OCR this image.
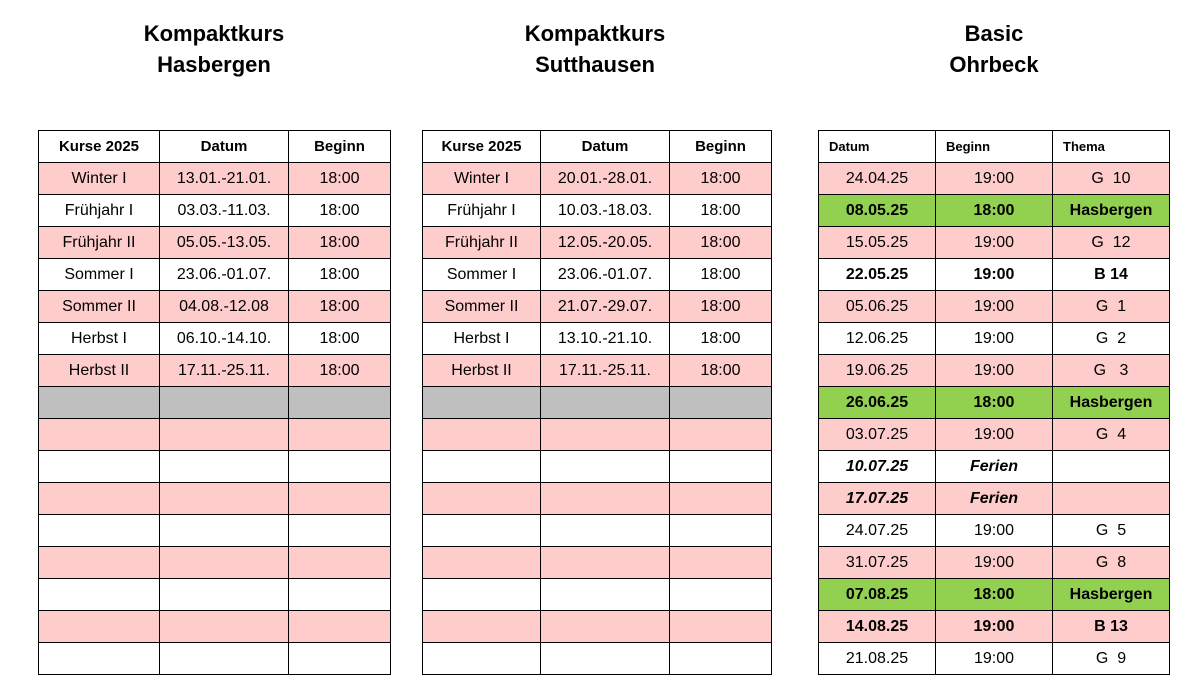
Kompaktkurs
Hasbergen
Kompaktkurs
Sutthausen
Basic
Ohrbeck
Kurse 2025	Datum	Beginn
Winter I	13.01.-21.01.	18:00
Frühjahr I	03.03.-11.03.	18:00
Frühjahr II	05.05.-13.05.	18:00
Sommer I	23.06.-01.07.	18:00
Sommer II	04.08.-12.08	18:00
Herbst I	06.10.-14.10.	18:00
Herbst II	17.11.-25.11.	18:00

Kurse 2025	Datum	Beginn
Winter I	20.01.-28.01.	18:00
Frühjahr I	10.03.-18.03.	18:00
Frühjahr II	12.05.-20.05.	18:00
Sommer I	23.06.-01.07.	18:00
Sommer II	21.07.-29.07.	18:00
Herbst I	13.10.-21.10.	18:00
Herbst II	17.11.-25.11.	18:00

Datum	Beginn	Thema
24.04.25	19:00	G  10
08.05.25	18:00	Hasbergen
15.05.25	19:00	G  12
22.05.25	19:00	B 14
05.06.25	19:00	G  1
12.06.25	19:00	G  2
19.06.25	19:00	G   3
26.06.25	18:00	Hasbergen
03.07.25	19:00	G  4
10.07.25	Ferien	
17.07.25	Ferien	
24.07.25	19:00	G  5
31.07.25	19:00	G  8
07.08.25	18:00	Hasbergen
14.08.25	19:00	B 13
21.08.25	19:00	G  9
